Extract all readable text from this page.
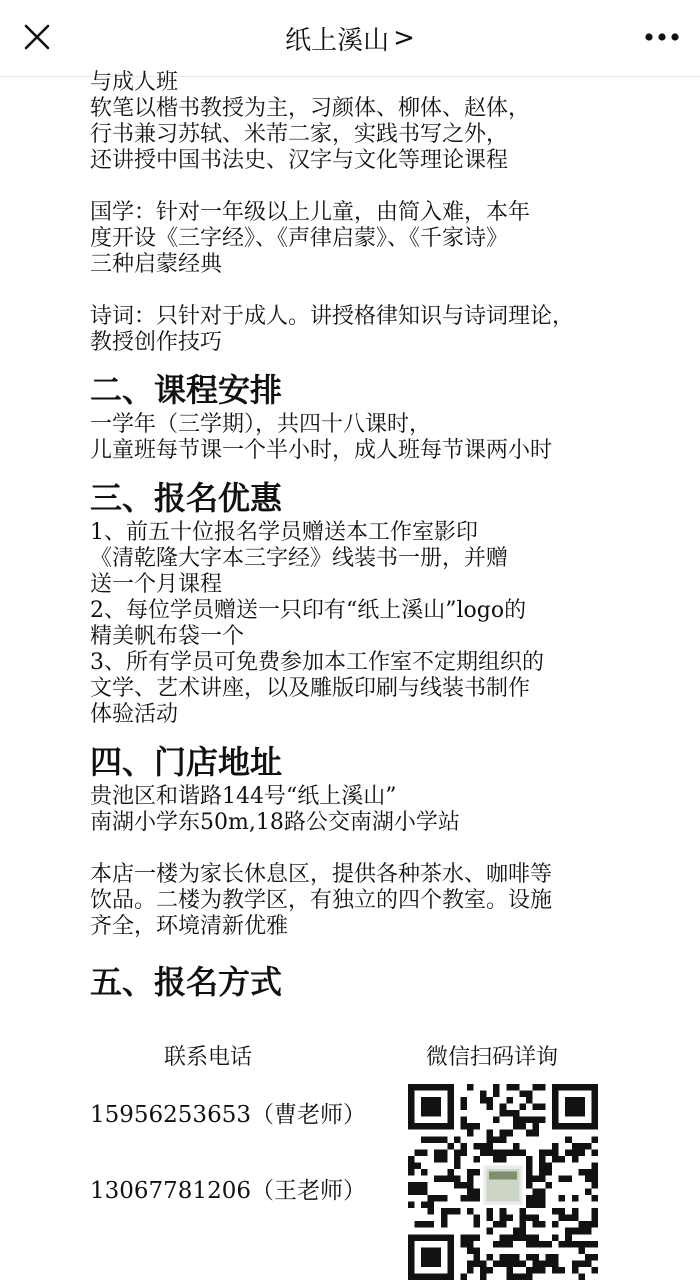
纸上溪山 >

与成人班
软笔以楷书教授为主，习颜体、柳体、赵体，
行书兼习苏轼、米芾二家，实践书写之外，
还讲授中国书法史、汉字与文化等理论课程

国学：针对一年级以上儿童，由简入难，本年
度开设《三字经》、《声律启蒙》、《千家诗》
三种启蒙经典

诗词：只针对于成人。讲授格律知识与诗词理论，
教授创作技巧

二、课程安排

一学年（三学期），共四十八课时，
儿童班每节课一个半小时，成人班每节课两小时

三、报名优惠

1、前五十位报名学员赠送本工作室影印
《清乾隆大字本三字经》线装书一册，并赠
送一个月课程
2、每位学员赠送一只印有“纸上溪山”logo的
精美帆布袋一个
3、所有学员可免费参加本工作室不定期组织的
文学、艺术讲座，以及雕版印刷与线装书制作
体验活动

四、门店地址

贵池区和谐路144号“纸上溪山”
南湖小学东50m,18路公交南湖小学站

本店一楼为家长休息区，提供各种茶水、咖啡等
饮品。二楼为教学区，有独立的四个教室。设施
齐全，环境清新优雅

五、报名方式
联系电话	微信扫码详询
15956253653（曹老师）
13067781206（王老师）
